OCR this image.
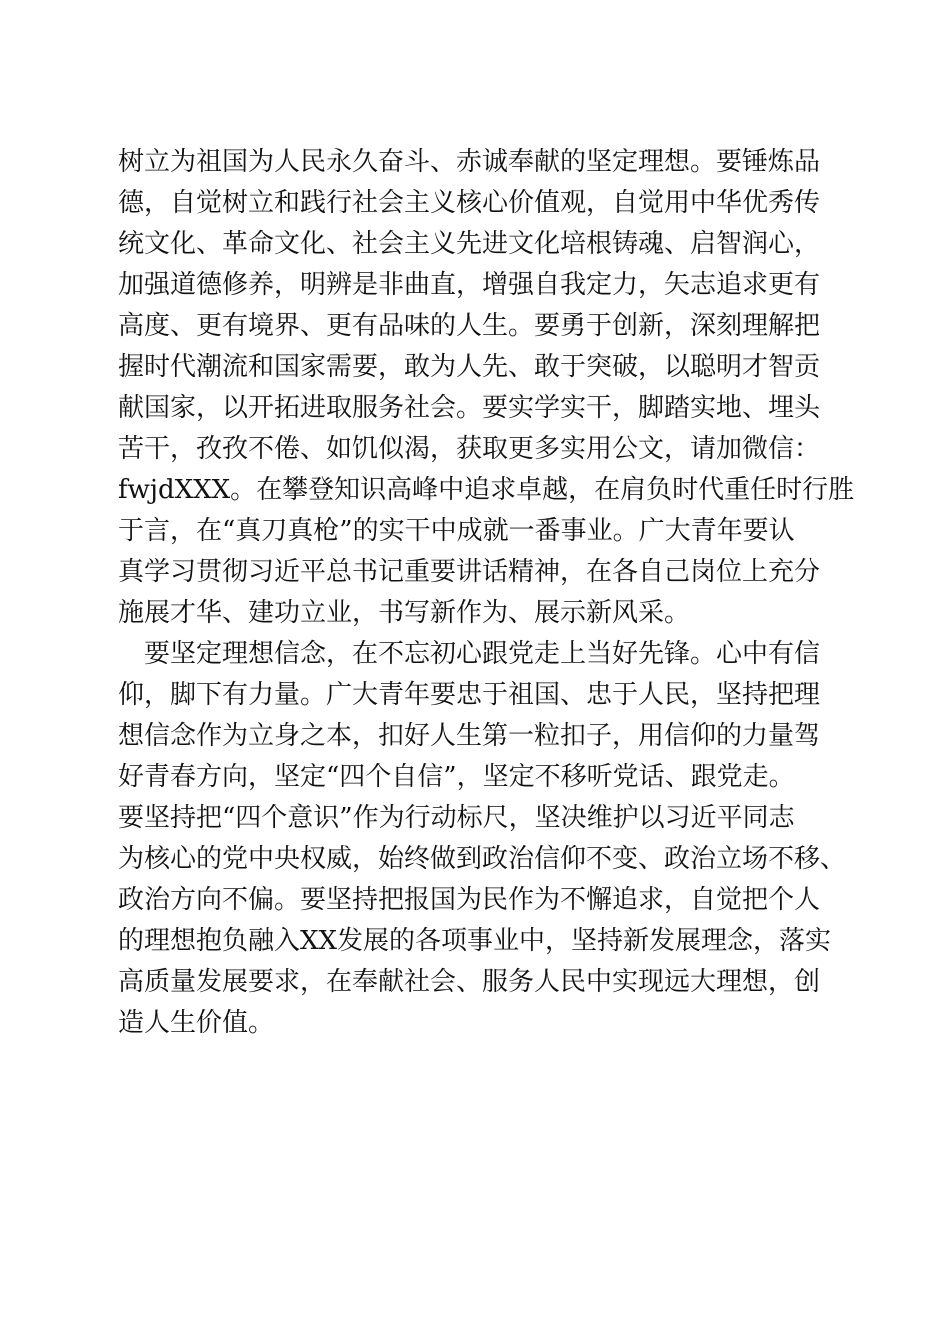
树立为祖国为人民永久奋斗、赤诚奉献的坚定理想。要锤炼品
德，自觉树立和践行社会主义核心价值观，自觉用中华优秀传
统文化、革命文化、社会主义先进文化培根铸魂、启智润心，
加强道德修养，明辨是非曲直，增强自我定力，矢志追求更有
高度、更有境界、更有品味的人生。要勇于创新，深刻理解把
握时代潮流和国家需要，敢为人先、敢于突破，以聪明才智贡
献国家，以开拓进取服务社会。要实学实干，脚踏实地、埋头
苦干，孜孜不倦、如饥似渴，获取更多实用公文，请加微信：
fwjdXXX。在攀登知识高峰中追求卓越，在肩负时代重任时行胜
于言，在“真刀真枪”的实干中成就一番事业。广大青年要认
真学习贯彻习近平总书记重要讲话精神，在各自己岗位上充分
施展才华、建功立业，书写新作为、展示新风采。
　要坚定理想信念，在不忘初心跟党走上当好先锋。心中有信
仰，脚下有力量。广大青年要忠于祖国、忠于人民，坚持把理
想信念作为立身之本，扣好人生第一粒扣子，用信仰的力量驾
好青春方向，坚定“四个自信”，坚定不移听党话、跟党走。
要坚持把“四个意识”作为行动标尺，坚决维护以习近平同志
为核心的党中央权威，始终做到政治信仰不变、政治立场不移、
政治方向不偏。要坚持把报国为民作为不懈追求，自觉把个人
的理想抱负融入XX发展的各项事业中，坚持新发展理念，落实
高质量发展要求，在奉献社会、服务人民中实现远大理想，创
造人生价值。
